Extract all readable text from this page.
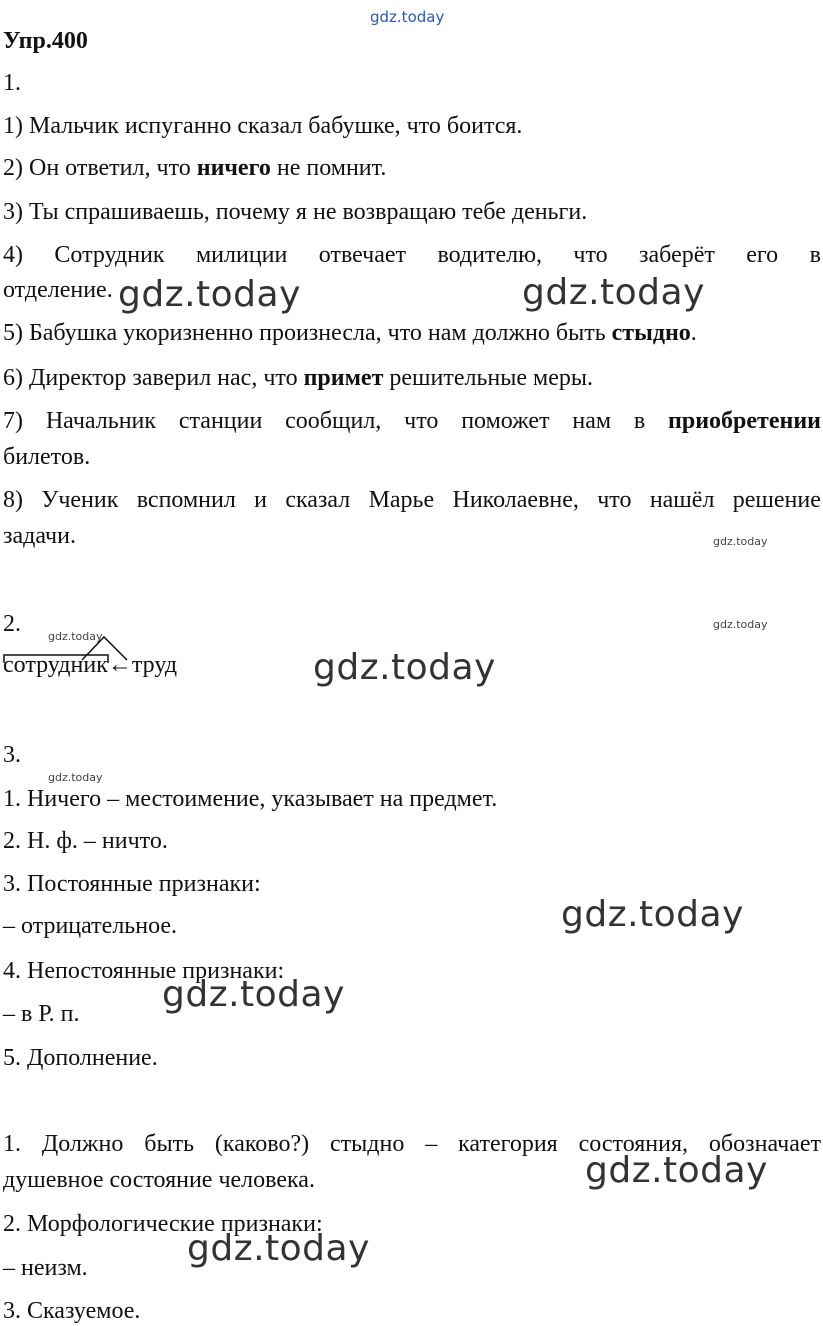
gdz.today
Упр.400
1.
1) Мальчик испуганно сказал бабушке, что боится.
2) Он ответил, что ничего не помнит.
3) Ты спрашиваешь, почему я не возвращаю тебе деньги.
4) Сотрудник милиции отвечает водителю, что заберёт его в
отделение.
5) Бабушка укоризненно произнесла, что нам должно быть стыдно.
6) Директор заверил нас, что примет решительные меры.
7) Начальник станции сообщил, что поможет нам в приобретении
билетов.
8) Ученик вспомнил и сказал Марье Николаевне, что нашёл решение
задачи.
2.
сотрудник←труд
3.
1. Ничего – местоимение, указывает на предмет.
2. Н. ф. – ничто.
3. Постоянные признаки:
– отрицательное.
4. Непостоянные признаки:
– в Р. п.
5. Дополнение.
1. Должно быть (каково?) стыдно – категория состояния, обозначает
душевное состояние человека.
2. Морфологические признаки:
– неизм.
3. Сказуемое.
gdz.today	gdz.today
gdz.today
gdz.today
gdz.today
gdz.today
gdz.today
gdz.today
gdz.today
gdz.today
gdz.today
